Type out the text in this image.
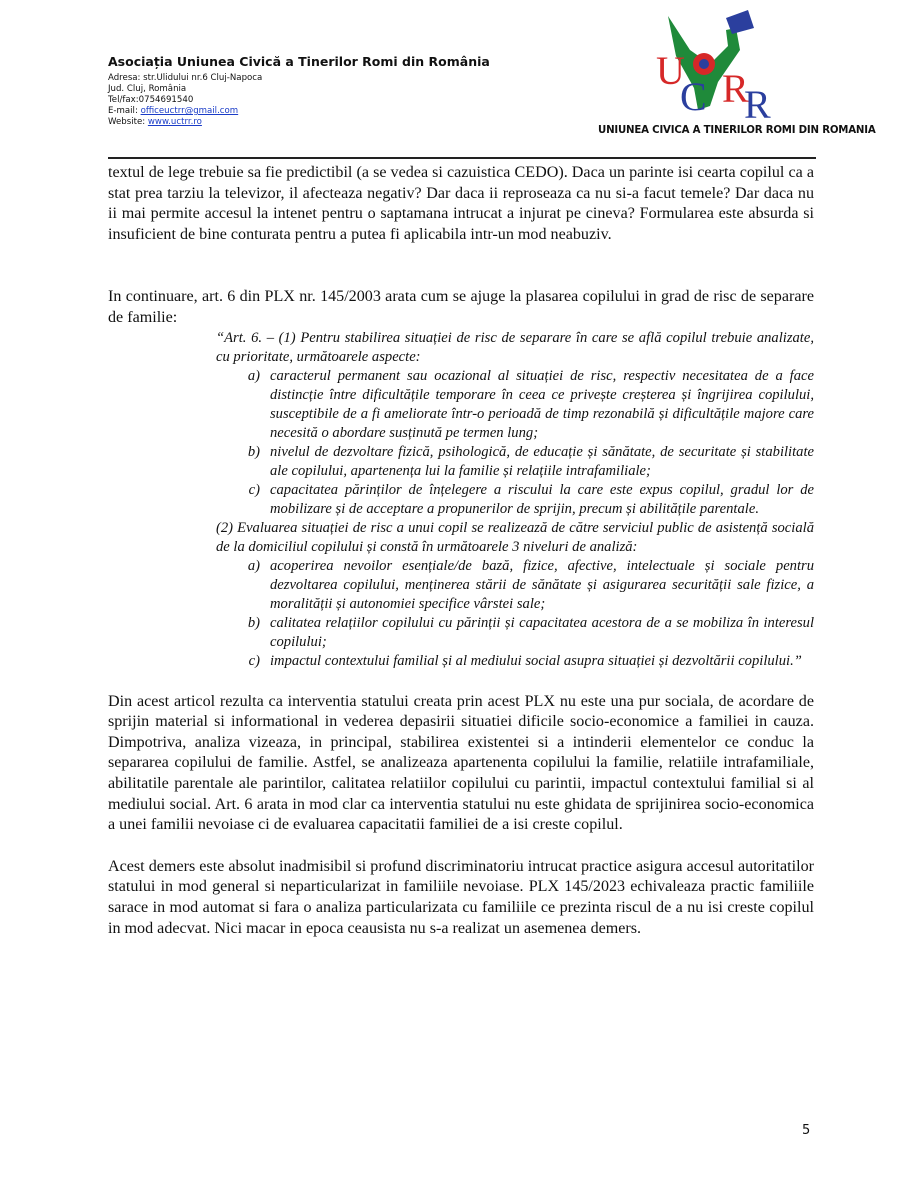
Asociația Uniunea Civică a Tinerilor Romi din România
Adresa: str.Ulidului nr.6 Cluj-Napoca
Jud. Cluj, România
Tel/fax:0754691540
E-mail: officeuctrr@gmail.com
Website: www.uctrr.ro
U
C R
R
UNIUNEA CIVICA A TINERILOR ROMI DIN ROMANIA

textul de lege trebuie sa fie predictibil (a se vedea si cazuistica CEDO). Daca un parinte isi cearta copilul ca a stat prea tarziu la televizor, il afecteaza negativ? Dar daca ii reproseaza ca nu si-a facut temele? Dar daca nu ii mai permite accesul la intenet pentru o saptamana intrucat a injurat pe cineva? Formularea este absurda si insuficient de bine conturata pentru a putea fi aplicabila intr-un mod neabuziv.

In continuare, art. 6 din PLX nr. 145/2003 arata cum se ajuge la plasarea copilului in grad de risc de separare de familie:

“Art. 6. – (1) Pentru stabilirea situației de risc de separare în care se află copilul trebuie analizate, cu prioritate, următoarele aspecte:

a) caracterul permanent sau ocazional al situației de risc, respectiv necesitatea de a face distincție între dificultățile temporare în ceea ce privește creșterea și îngrijirea copilului, susceptibile de a fi ameliorate într-o perioadă de timp rezonabilă și dificultățile majore care necesită o abordare susținută pe termen lung;
b) nivelul de dezvoltare fizică, psihologică, de educație și sănătate, de securitate și stabilitate ale copilului, apartenența lui la familie și relațiile intrafamiliale;
c) capacitatea părinților de înțelegere a riscului la care este expus copilul, gradul lor de mobilizare și de acceptare a propunerilor de sprijin, precum și abilitățile parentale.

(2) Evaluarea situației de risc a unui copil se realizează de către serviciul public de asistență socială de la domiciliul copilului și constă în următoarele 3 niveluri de analiză:

a) acoperirea nevoilor esențiale/de bază, fizice, afective, intelectuale și sociale pentru dezvoltarea copilului, menținerea stării de sănătate și asigurarea securității sale fizice, a moralității și autonomiei specifice vârstei sale;
b) calitatea relațiilor copilului cu părinții și capacitatea acestora de a se mobiliza în interesul copilului;
c) impactul contextului familial și al mediului social asupra situației și dezvoltării copilului.”

Din acest articol rezulta ca interventia statului creata prin acest PLX nu este una pur sociala, de acordare de sprijin material si informational in vederea depasirii situatiei dificile socio-economice a familiei in cauza. Dimpotriva, analiza vizeaza, in principal, stabilirea existentei si a intinderii elementelor ce conduc la separarea copilului de familie. Astfel, se analizeaza apartenenta copilului la familie, relatiile intrafamiliale, abilitatile parentale ale parintilor, calitatea relatiilor copilului cu parintii, impactul contextului familial si al mediului social. Art. 6 arata in mod clar ca interventia statului nu este ghidata de sprijinirea socio-economica a unei familii nevoiase ci de evaluarea capacitatii familiei de a isi creste copilul.

Acest demers este absolut inadmisibil si profund discriminatoriu intrucat practice asigura accesul autoritatilor statului in mod general si neparticularizat in familiile nevoiase. PLX 145/2023 echivaleaza practic familiile sarace in mod automat si fara o analiza particularizata cu familiile ce prezinta riscul de a nu isi creste copilul in mod adecvat. Nici macar in epoca ceausista nu s-a realizat un asemenea demers.

5
